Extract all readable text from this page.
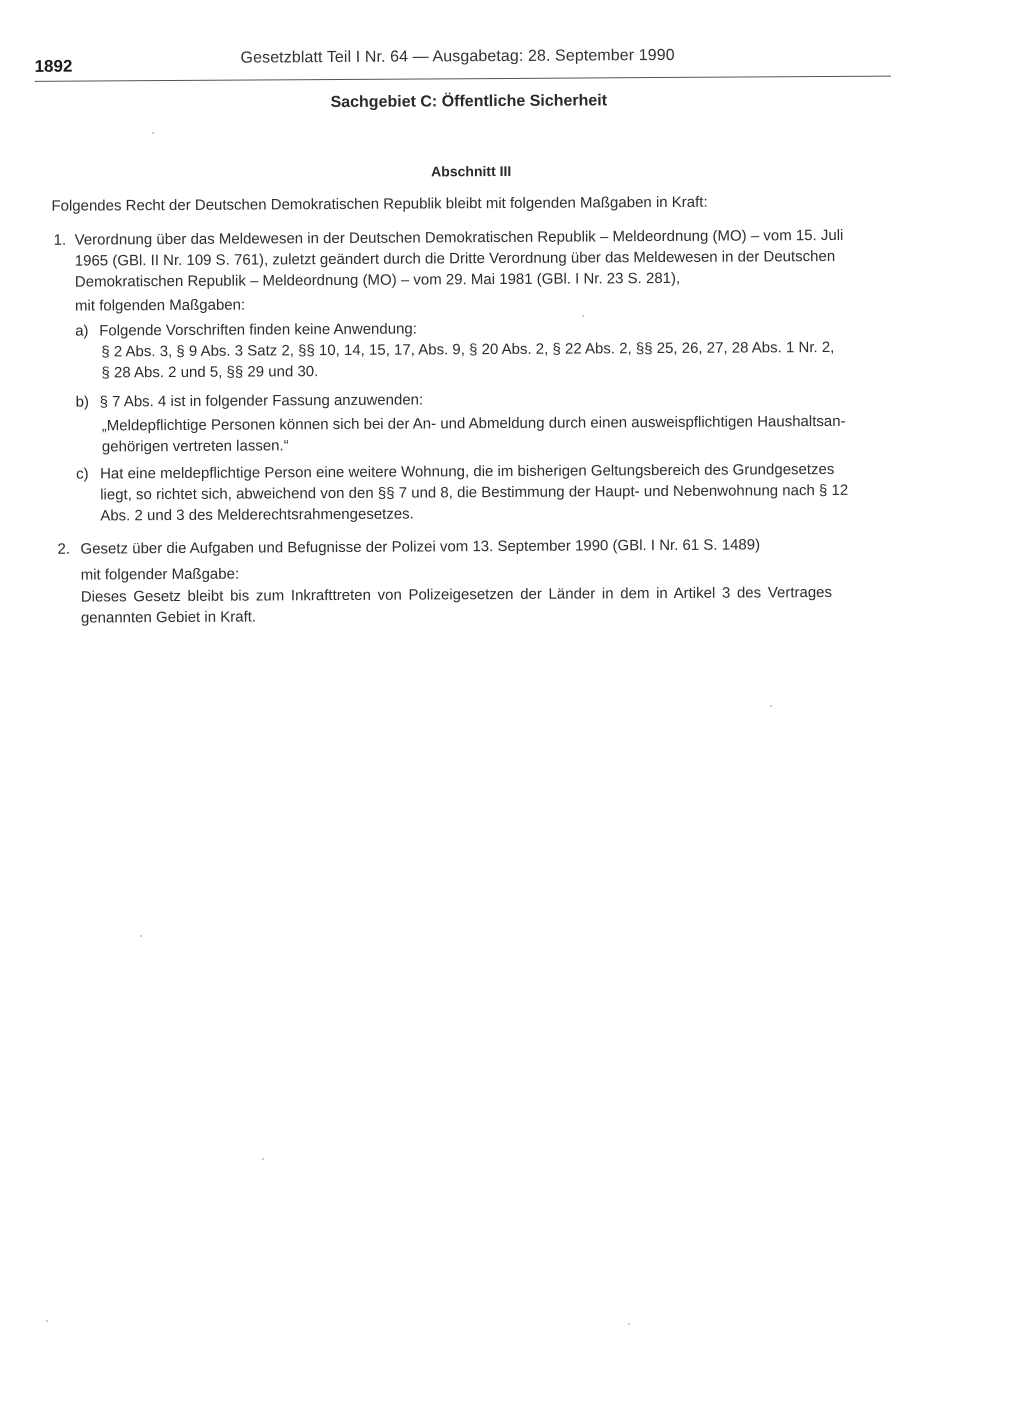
1892	Gesetzblatt Teil I Nr. 64 — Ausgabetag: 28. September 1990
Sachgebiet C: Öffentliche Sicherheit
Abschnitt III
Folgendes Recht der Deutschen Demokratischen Republik bleibt mit folgenden Maßgaben in Kraft:
1. Verordnung über das Meldewesen in der Deutschen Demokratischen Republik – Meldeordnung (MO) – vom 15. Juli
1965 (GBl. II Nr. 109 S. 761), zuletzt geändert durch die Dritte Verordnung über das Meldewesen in der Deutschen
Demokratischen Republik – Meldeordnung (MO) – vom 29. Mai 1981 (GBl. I Nr. 23 S. 281),
mit folgenden Maßgaben:
a) Folgende Vorschriften finden keine Anwendung:
§ 2 Abs. 3, § 9 Abs. 3 Satz 2, §§ 10, 14, 15, 17, Abs. 9, § 20 Abs. 2, § 22 Abs. 2, §§ 25, 26, 27, 28 Abs. 1 Nr. 2,
§ 28 Abs. 2 und 5, §§ 29 und 30.
b) § 7 Abs. 4 ist in folgender Fassung anzuwenden:
„Meldepflichtige Personen können sich bei der An- und Abmeldung durch einen ausweispflichtigen Haushaltsan-
gehörigen vertreten lassen.“
c) Hat eine meldepflichtige Person eine weitere Wohnung, die im bisherigen Geltungsbereich des Grundgesetzes
liegt, so richtet sich, abweichend von den §§ 7 und 8, die Bestimmung der Haupt- und Nebenwohnung nach § 12
Abs. 2 und 3 des Melderechtsrahmengesetzes.
2. Gesetz über die Aufgaben und Befugnisse der Polizei vom 13. September 1990 (GBl. I Nr. 61 S. 1489)
mit folgender Maßgabe:
Dieses Gesetz bleibt bis zum Inkrafttreten von Polizeigesetzen der Länder in dem in Artikel 3 des Vertrages
genannten Gebiet in Kraft.
